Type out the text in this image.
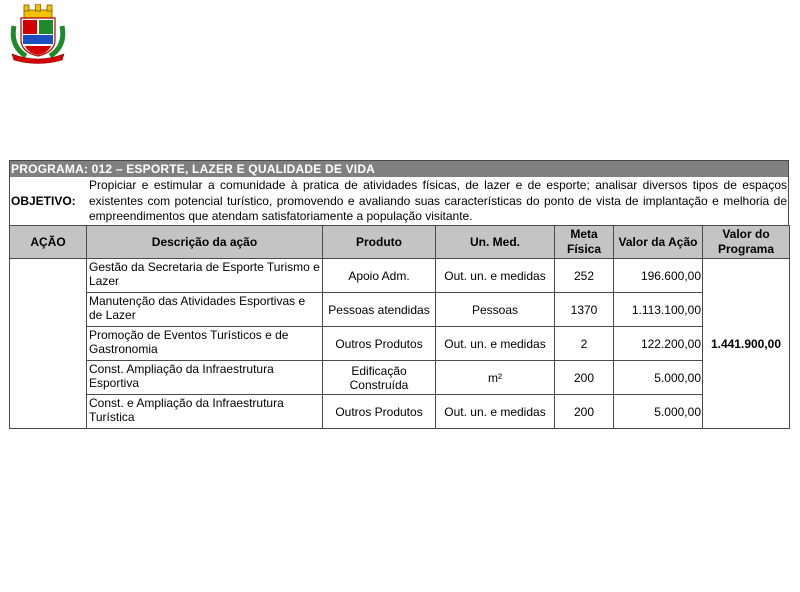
PROGRAMA: 012 – ESPORTE, LAZER E QUALIDADE DE VIDA
OBJETIVO:
Propiciar e estimular a comunidade à pratica de atividades físicas, de lazer e de esporte; analisar diversos tipos de espaços existentes com potencial turístico, promovendo e avaliando suas características do ponto de vista de implantação e melhoria de empreendimentos que atendam satisfatoriamente a população visitante.
AÇÃO	Descrição da ação	Produto	Un. Med.	Meta Física	Valor da Ação	Valor do Programa
	Gestão da Secretaria de Esporte Turismo e Lazer	Apoio Adm.	Out. un. e medidas	252	196.600,00	1.441.900,00
	Manutenção das Atividades Esportivas e de Lazer	Pessoas atendidas	Pessoas	1370	1.113.100,00	
	Promoção de Eventos Turísticos e de Gastronomia	Outros Produtos	Out. un. e medidas	2	122.200,00	
	Const. Ampliação da Infraestrutura Esportiva	Edificação Construída	m²	200	5.000,00	
	Const. e Ampliação da Infraestrutura Turística	Outros Produtos	Out. un. e medidas	200	5.000,00	
